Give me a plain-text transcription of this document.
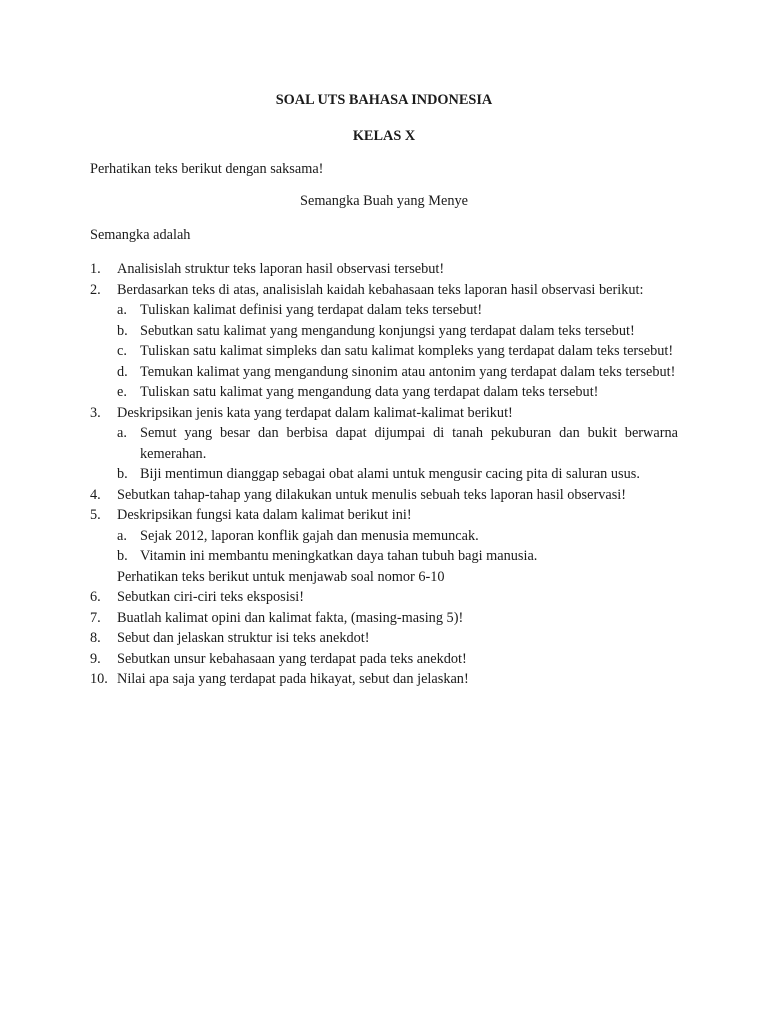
SOAL UTS BAHASA INDONESIA

KELAS X

Perhatikan teks berikut dengan saksama!

Semangka Buah yang Menye

Semangka adalah

1. Analisislah struktur teks laporan hasil observasi tersebut!
2. Berdasarkan teks di atas, analisislah kaidah kebahasaan teks laporan hasil observasi berikut:
a. Tuliskan kalimat definisi yang terdapat dalam teks tersebut!
b. Sebutkan satu kalimat yang mengandung konjungsi yang terdapat dalam teks tersebut!
c. Tuliskan satu kalimat simpleks dan satu kalimat kompleks yang terdapat dalam teks tersebut!
d. Temukan kalimat yang mengandung sinonim atau antonim yang terdapat dalam teks tersebut!
e. Tuliskan satu kalimat yang mengandung data yang terdapat dalam teks tersebut!
3. Deskripsikan jenis kata yang terdapat dalam kalimat-kalimat berikut!
a. Semut yang besar dan berbisa dapat dijumpai di tanah pekuburan dan bukit berwarna kemerahan.
b. Biji mentimun dianggap sebagai obat alami untuk mengusir cacing pita di saluran usus.
4. Sebutkan tahap-tahap yang dilakukan untuk menulis sebuah teks laporan hasil observasi!
5. Deskripsikan fungsi kata dalam kalimat berikut ini!
a. Sejak 2012, laporan konflik gajah dan menusia memuncak.
b. Vitamin ini membantu meningkatkan daya tahan tubuh bagi manusia.
Perhatikan teks berikut untuk menjawab soal nomor 6-10
6. Sebutkan ciri-ciri teks eksposisi!
7. Buatlah kalimat opini dan kalimat fakta, (masing-masing 5)!
8. Sebut dan jelaskan struktur isi teks anekdot!
9. Sebutkan unsur kebahasaan yang terdapat pada teks anekdot!
10. Nilai apa saja yang terdapat pada hikayat, sebut dan jelaskan!
